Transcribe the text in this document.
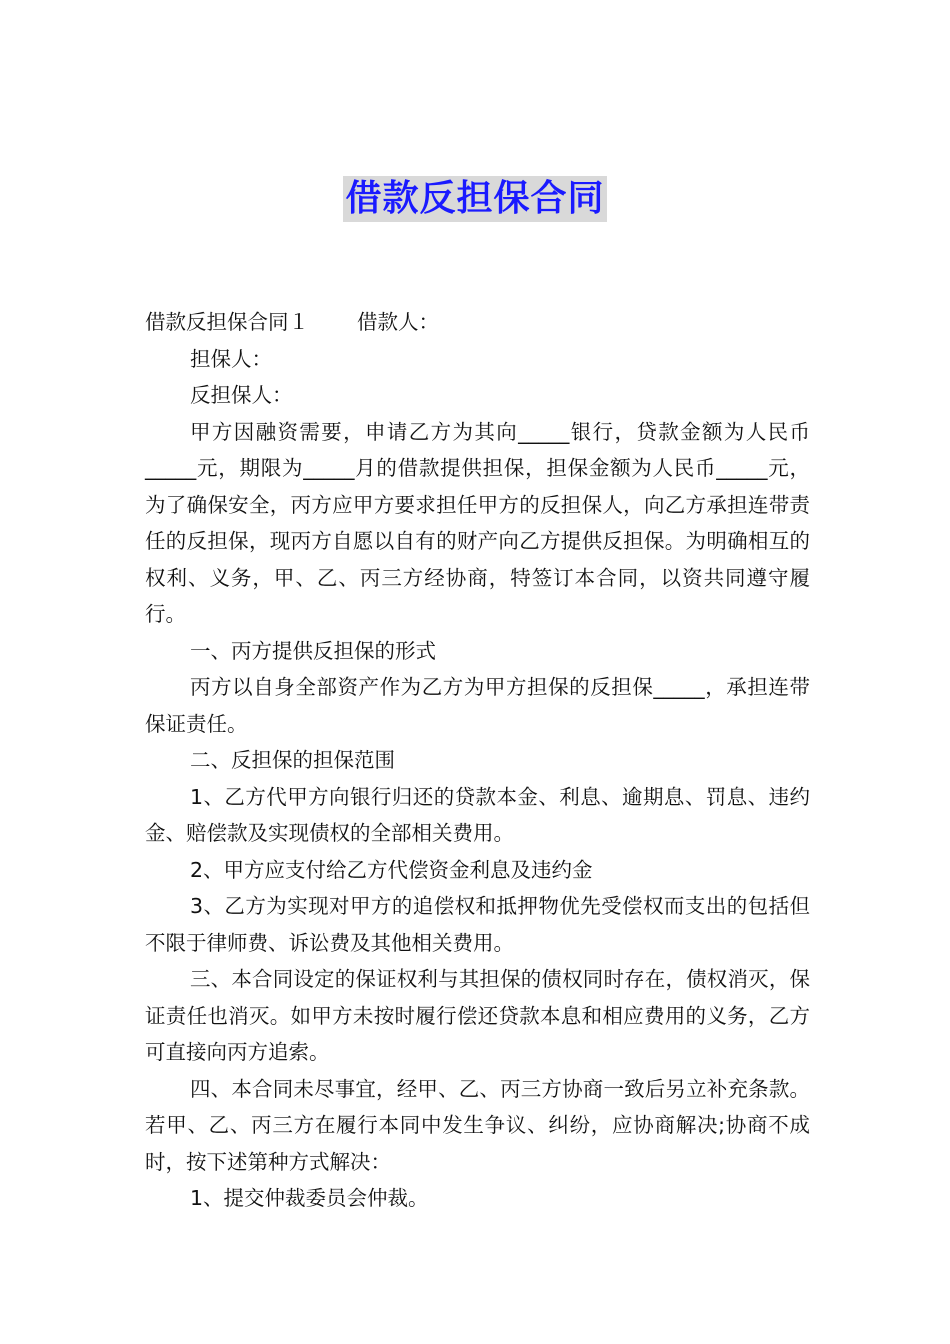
借款反担保合同

借款反担保合同１ 借款人：

担保人：

反担保人：

甲方因融资需要，申请乙方为其向_____银行，贷款金额为人民币_____元，期限为_____月的借款提供担保，担保金额为人民币_____元，为了确保安全，丙方应甲方要求担任甲方的反担保人，向乙方承担连带责任的反担保，现丙方自愿以自有的财产向乙方提供反担保。为明确相互的权利、义务，甲、乙、丙三方经协商，特签订本合同，以资共同遵守履行。

一、丙方提供反担保的形式

丙方以自身全部资产作为乙方为甲方担保的反担保_____，承担连带保证责任。

二、反担保的担保范围

1、乙方代甲方向银行归还的贷款本金、利息、逾期息、罚息、违约金、赔偿款及实现债权的全部相关费用。

2、甲方应支付给乙方代偿资金利息及违约金

3、乙方为实现对甲方的追偿权和抵押物优先受偿权而支出的包括但不限于律师费、诉讼费及其他相关费用。

三、本合同设定的保证权利与其担保的债权同时存在，债权消灭，保证责任也消灭。如甲方未按时履行偿还贷款本息和相应费用的义务，乙方可直接向丙方追索。

四、本合同未尽事宜，经甲、乙、丙三方协商一致后另立补充条款。若甲、乙、丙三方在履行本同中发生争议、纠纷，应协商解决;协商不成时，按下述第种方式解决：

1、提交仲裁委员会仲裁。
